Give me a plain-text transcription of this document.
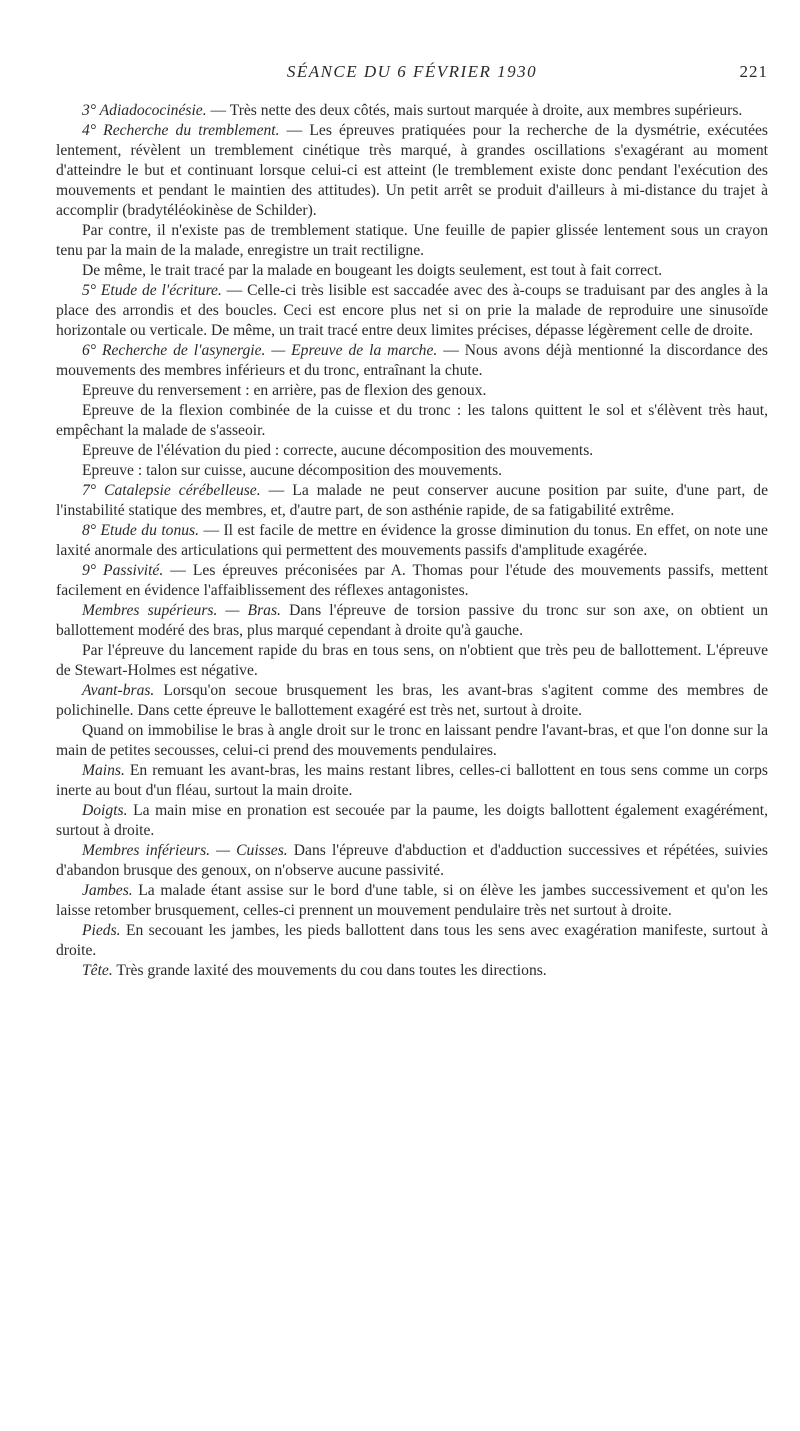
SÉANCE DU 6 FÉVRIER 1930	221

3° Adiadococinésie. — Très nette des deux côtés, mais surtout marquée à droite, aux membres supérieurs.

4° Recherche du tremblement. — Les épreuves pratiquées pour la recherche de la dysmétrie, exécutées lentement, révèlent un tremblement cinétique très marqué, à grandes oscillations s'exagérant au moment d'atteindre le but et continuant lorsque celui-ci est atteint (le tremblement existe donc pendant l'exécution des mouvements et pendant le maintien des attitudes). Un petit arrêt se produit d'ailleurs à mi-distance du trajet à accomplir (bradytéléokinèse de Schilder).

Par contre, il n'existe pas de tremblement statique. Une feuille de papier glissée lentement sous un crayon tenu par la main de la malade, enregistre un trait rectiligne.

De même, le trait tracé par la malade en bougeant les doigts seulement, est tout à fait correct.

5° Etude de l'écriture. — Celle-ci très lisible est saccadée avec des à-coups se traduisant par des angles à la place des arrondis et des boucles. Ceci est encore plus net si on prie la malade de reproduire une sinusoïde horizontale ou verticale. De même, un trait tracé entre deux limites précises, dépasse légèrement celle de droite.

6° Recherche de l'asynergie. — Epreuve de la marche. — Nous avons déjà mentionné la discordance des mouvements des membres inférieurs et du tronc, entraînant la chute.

Epreuve du renversement : en arrière, pas de flexion des genoux.

Epreuve de la flexion combinée de la cuisse et du tronc : les talons quittent le sol et s'élèvent très haut, empêchant la malade de s'asseoir.

Epreuve de l'élévation du pied : correcte, aucune décomposition des mouvements.

Epreuve : talon sur cuisse, aucune décomposition des mouvements.

7° Catalepsie cérébelleuse. — La malade ne peut conserver aucune position par suite, d'une part, de l'instabilité statique des membres, et, d'autre part, de son asthénie rapide, de sa fatigabilité extrême.

8° Etude du tonus. — Il est facile de mettre en évidence la grosse diminution du tonus. En effet, on note une laxité anormale des articulations qui permettent des mouvements passifs d'amplitude exagérée.

9° Passivité. — Les épreuves préconisées par A. Thomas pour l'étude des mouvements passifs, mettent facilement en évidence l'affaiblissement des réflexes antagonistes.

Membres supérieurs. — Bras. Dans l'épreuve de torsion passive du tronc sur son axe, on obtient un ballottement modéré des bras, plus marqué cependant à droite qu'à gauche.

Par l'épreuve du lancement rapide du bras en tous sens, on n'obtient que très peu de ballottement. L'épreuve de Stewart-Holmes est négative.

Avant-bras. Lorsqu'on secoue brusquement les bras, les avant-bras s'agitent comme des membres de polichinelle. Dans cette épreuve le ballottement exagéré est très net, surtout à droite.

Quand on immobilise le bras à angle droit sur le tronc en laissant pendre l'avant-bras, et que l'on donne sur la main de petites secousses, celui-ci prend des mouvements pendulaires.

Mains. En remuant les avant-bras, les mains restant libres, celles-ci ballottent en tous sens comme un corps inerte au bout d'un fléau, surtout la main droite.

Doigts. La main mise en pronation est secouée par la paume, les doigts ballottent également exagérément, surtout à droite.

Membres inférieurs. — Cuisses. Dans l'épreuve d'abduction et d'adduction successives et répétées, suivies d'abandon brusque des genoux, on n'observe aucune passivité.

Jambes. La malade étant assise sur le bord d'une table, si on élève les jambes successivement et qu'on les laisse retomber brusquement, celles-ci prennent un mouvement pendulaire très net surtout à droite.

Pieds. En secouant les jambes, les pieds ballottent dans tous les sens avec exagération manifeste, surtout à droite.

Tête. Très grande laxité des mouvements du cou dans toutes les directions.
